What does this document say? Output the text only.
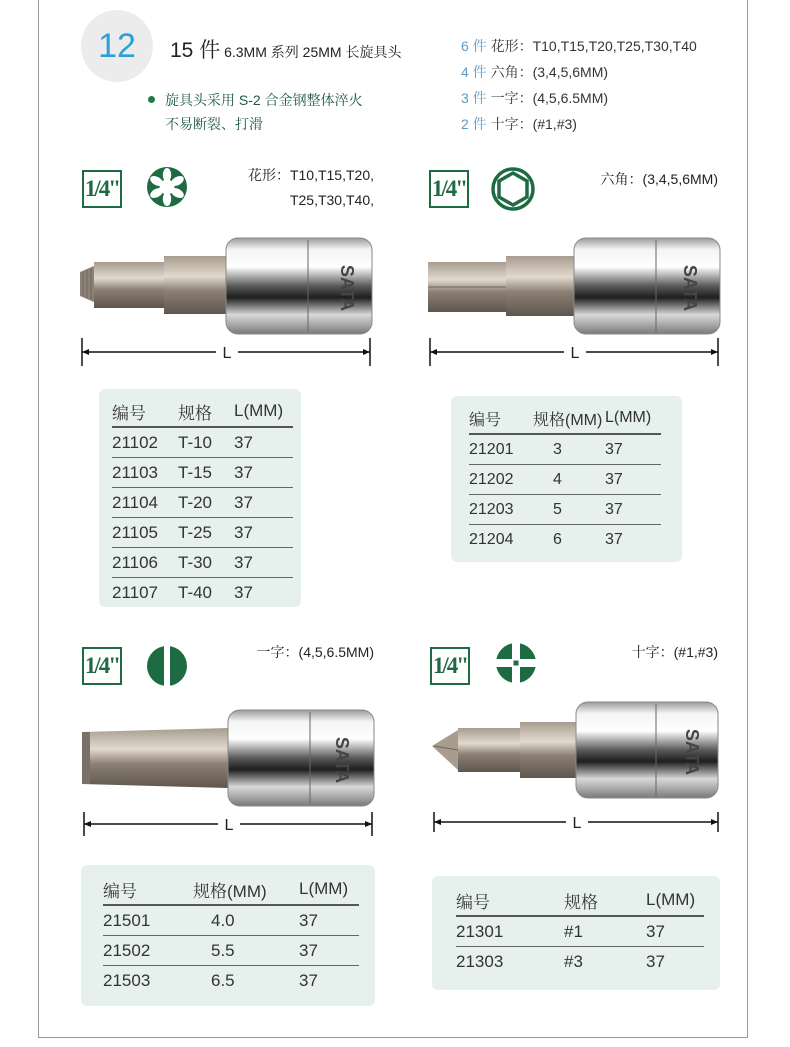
12	15 件 6.3MM 系列 25MM 长旋具头
旋具头采用 S-2 合金钢整体淬火
不易断裂、打滑
6 件 花形：T10,T15,T20,T25,T30,T40
4 件 六角：(3,4,5,6MM)
3 件 一字：(4,5,6.5MM)
2 件 十字：(#1,#3)
1/4"
花形：T10,T15,T20,
T25,T30,T40,
SATA
L
编号	规格	L(MM)
21102	T-10	37
21103	T-15	37
21104	T-20	37
21105	T-25	37
21106	T-30	37
21107	T-40	37
1/4"	六角：(3,4,5,6MM)
SATA
L
编号	规格(MM)	L(MM)
21201	3	37
21202	4	37
21203	5	37
21204	6	37
1/4"
一字：(4,5,6.5MM)
SATA
L
编号	规格(MM)	L(MM)
21501	4.0	37
21502	5.5	37
21503	6.5	37
1/4"
十字：(#1,#3)
SATA
L
编号	规格	L(MM)
21301	#1	37
21303	#3	37
